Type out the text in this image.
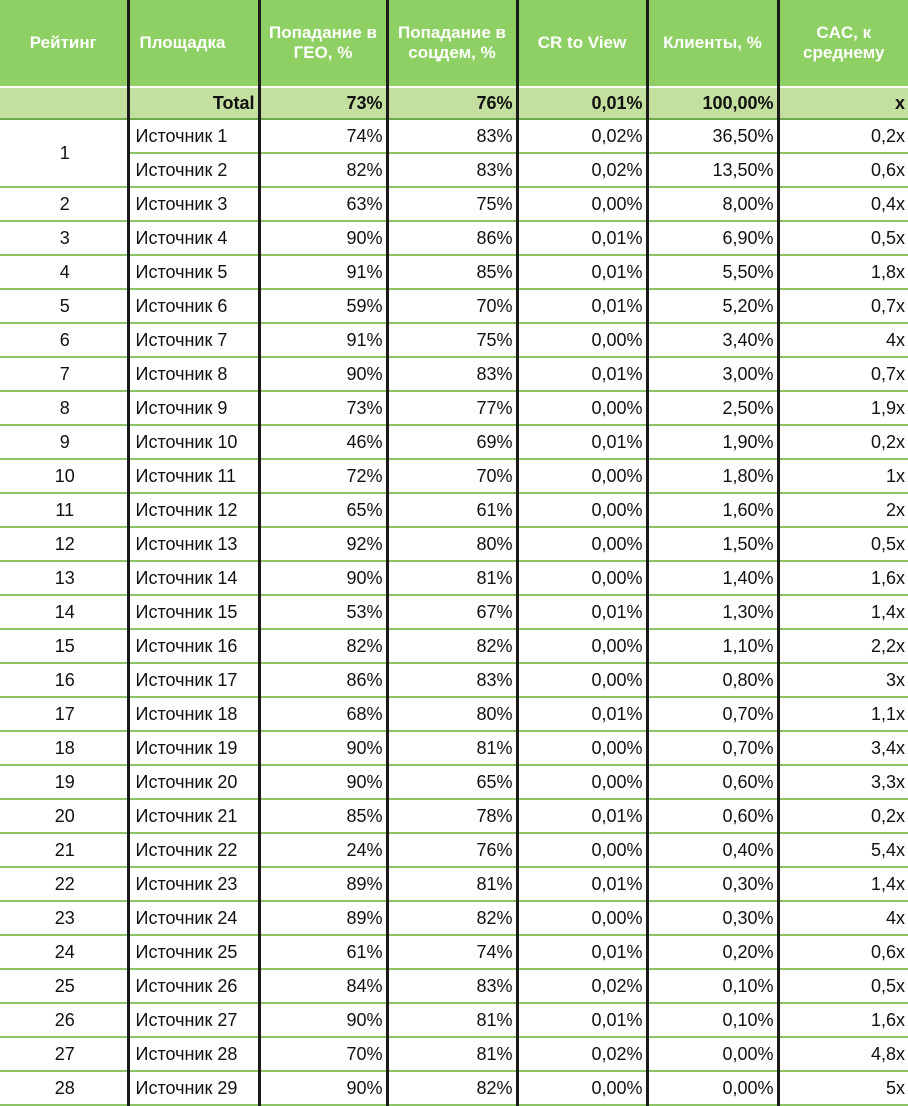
Рейтинг	Площадка	Попадание в ГЕО, %	Попадание в соцдем, %	CR to View	Клиенты, %	CAC, к среднему
	Total	73%	76%	0,01%	100,00%	x
1	Источник 1	74%	83%	0,02%	36,50%	0,2x
	Источник 2	82%	83%	0,02%	13,50%	0,6x
2	Источник 3	63%	75%	0,00%	8,00%	0,4x
3	Источник 4	90%	86%	0,01%	6,90%	0,5x
4	Источник 5	91%	85%	0,01%	5,50%	1,8x
5	Источник 6	59%	70%	0,01%	5,20%	0,7x
6	Источник 7	91%	75%	0,00%	3,40%	4x
7	Источник 8	90%	83%	0,01%	3,00%	0,7x
8	Источник 9	73%	77%	0,00%	2,50%	1,9x
9	Источник 10	46%	69%	0,01%	1,90%	0,2x
10	Источник 11	72%	70%	0,00%	1,80%	1x
11	Источник 12	65%	61%	0,00%	1,60%	2x
12	Источник 13	92%	80%	0,00%	1,50%	0,5x
13	Источник 14	90%	81%	0,00%	1,40%	1,6x
14	Источник 15	53%	67%	0,01%	1,30%	1,4x
15	Источник 16	82%	82%	0,00%	1,10%	2,2x
16	Источник 17	86%	83%	0,00%	0,80%	3x
17	Источник 18	68%	80%	0,01%	0,70%	1,1x
18	Источник 19	90%	81%	0,00%	0,70%	3,4x
19	Источник 20	90%	65%	0,00%	0,60%	3,3x
20	Источник 21	85%	78%	0,01%	0,60%	0,2x
21	Источник 22	24%	76%	0,00%	0,40%	5,4x
22	Источник 23	89%	81%	0,01%	0,30%	1,4x
23	Источник 24	89%	82%	0,00%	0,30%	4x
24	Источник 25	61%	74%	0,01%	0,20%	0,6x
25	Источник 26	84%	83%	0,02%	0,10%	0,5x
26	Источник 27	90%	81%	0,01%	0,10%	1,6x
27	Источник 28	70%	81%	0,02%	0,00%	4,8x
28	Источник 29	90%	82%	0,00%	0,00%	5x
